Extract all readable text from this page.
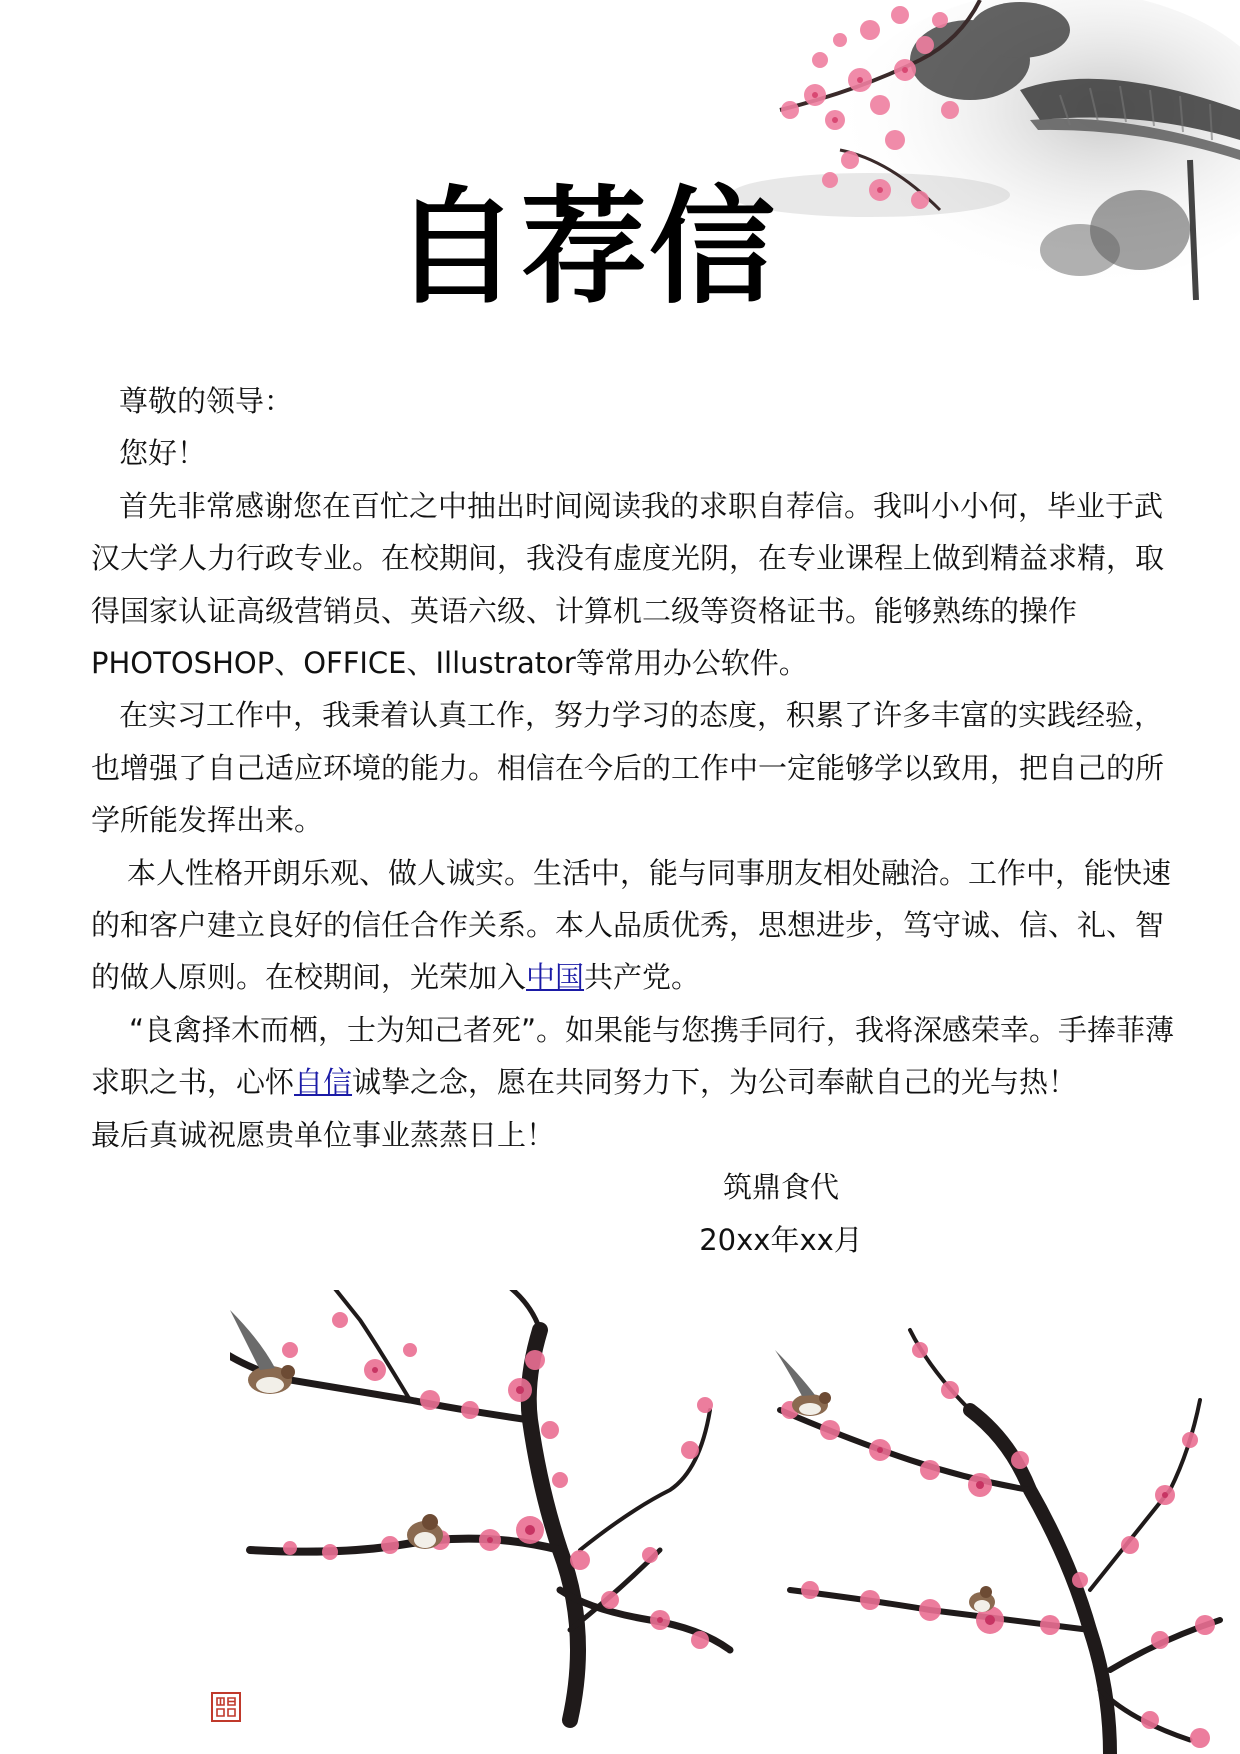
自荐信

尊敬的领导：

您好！

首先非常感谢您在百忙之中抽出时间阅读我的求职自荐信。我叫小小何，毕业于武汉大学人力行政专业。在校期间，我没有虚度光阴，在专业课程上做到精益求精，取得国家认证高级营销员、英语六级、计算机二级等资格证书。能够熟练的操作PHOTOSHOP、OFFICE、Illustrator等常用办公软件。

在实习工作中，我秉着认真工作，努力学习的态度，积累了许多丰富的实践经验，也增强了自己适应环境的能力。相信在今后的工作中一定能够学以致用，把自己的所学所能发挥出来。

本人性格开朗乐观、做人诚实。生活中，能与同事朋友相处融洽。工作中，能快速的和客户建立良好的信任合作关系。本人品质优秀，思想进步，笃守诚、信、礼、智的做人原则。在校期间，光荣加入中国共产党。

“良禽择木而栖，士为知己者死”。如果能与您携手同行，我将深感荣幸。手捧菲薄求职之书，心怀自信诚挚之念，愿在共同努力下，为公司奉献自己的光与热！

最后真诚祝愿贵单位事业蒸蒸日上！

筑鼎食代

20xx年xx月
